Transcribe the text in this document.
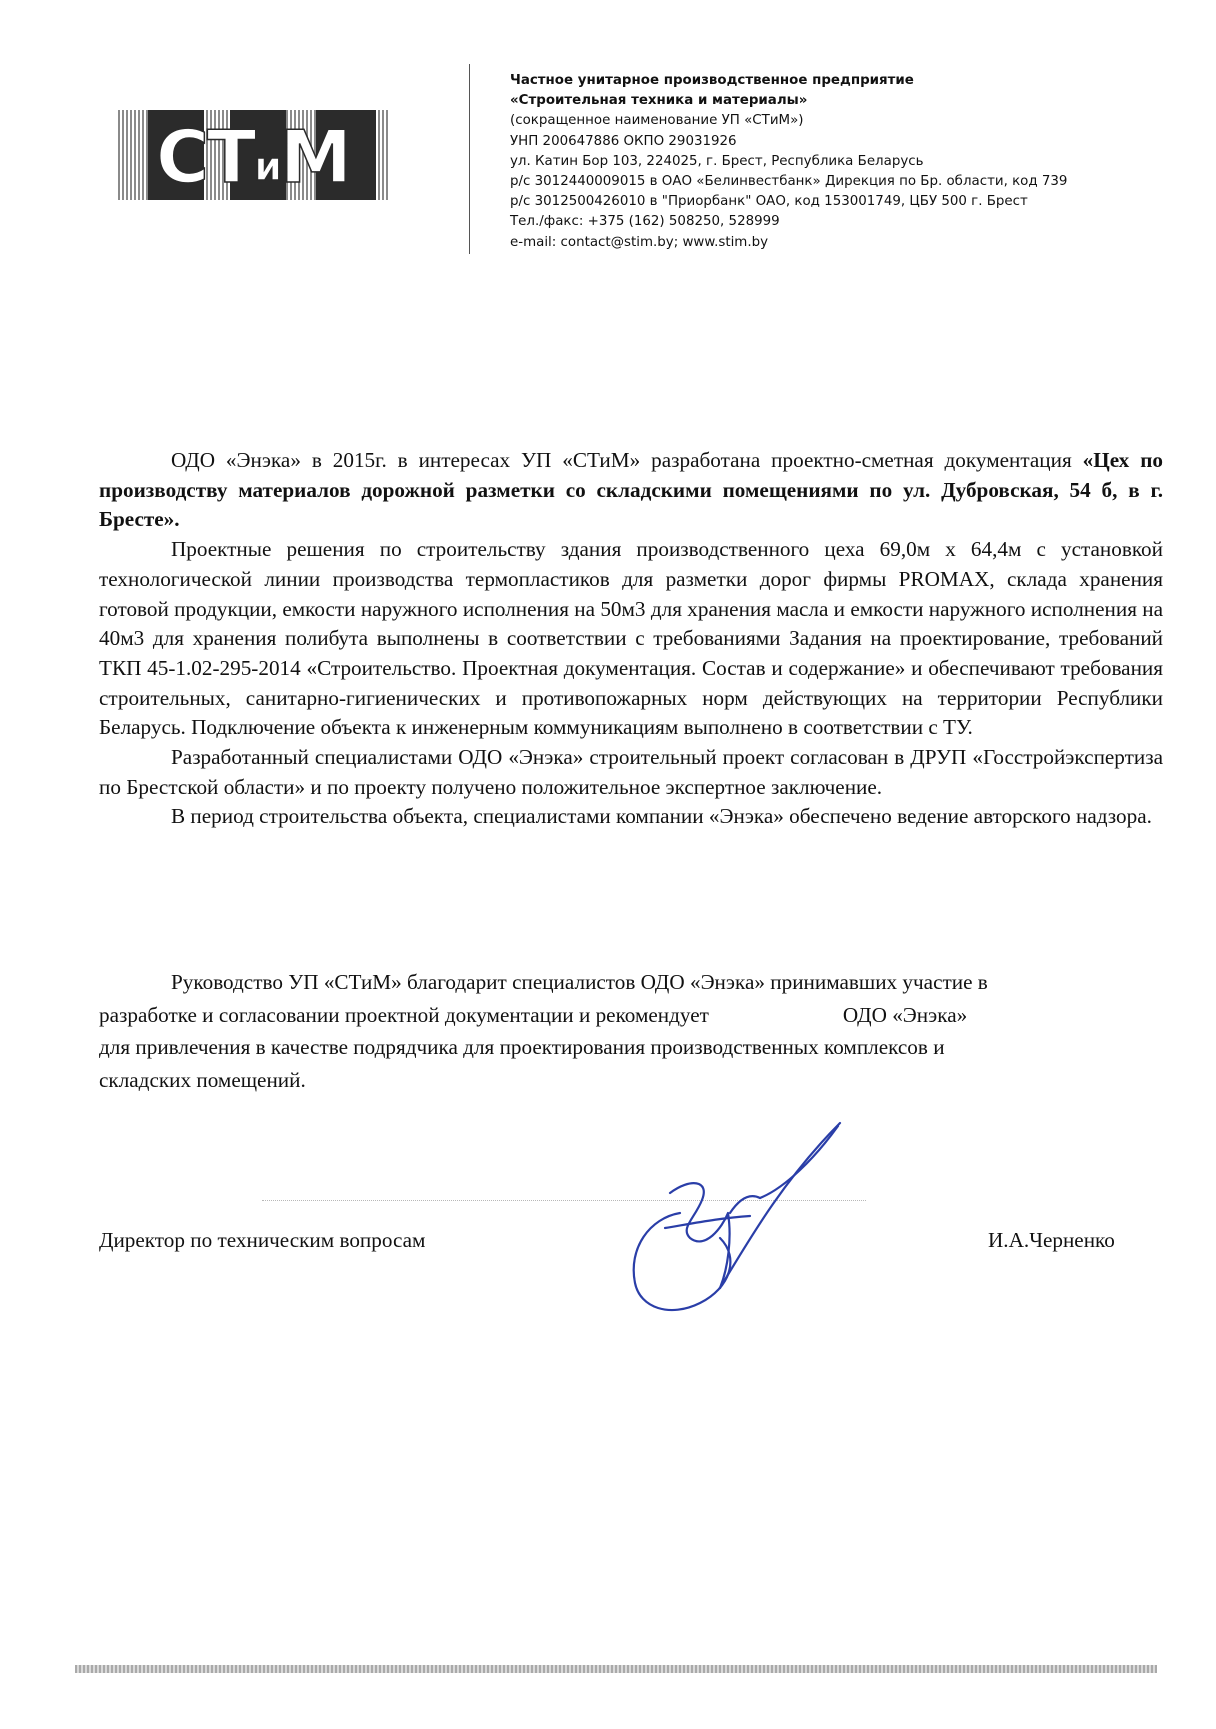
СТиМ
Частное унитарное производственное предприятие
«Строительная техника и материалы»
(сокращенное наименование УП «СТиМ»)
УНП 200647886 ОКПО 29031926
ул. Катин Бор 103, 224025, г. Брест, Республика Беларусь
р/с 3012440009015 в ОАО «Белинвестбанк» Дирекция по Бр. области, код 739
р/с 3012500426010 в "Приорбанк" ОАО, код 153001749, ЦБУ 500 г. Брест
Тел./факс: +375 (162) 508250, 528999
e-mail: contact@stim.by; www.stim.by

ОДО «Энэка» в 2015г. в интересах УП «СТиМ» разработана проектно-сметная документация «Цех по производству материалов дорожной разметки со складскими помещениями по ул. Дубровская, 54 б, в г. Бресте».

Проектные решения по строительству здания производственного цеха 69,0м х 64,4м с установкой технологической линии производства термопластиков для разметки дорог фирмы PROMAX, склада хранения готовой продукции, емкости наружного исполнения на 50м3 для хранения масла и емкости наружного исполнения на 40м3 для хранения полибута выполнены в соответствии с требованиями Задания на проектирование, требований ТКП 45-1.02-295-2014 «Строительство. Проектная документация. Состав и содержание» и обеспечивают требования строительных, санитарно-гигиенических и противопожарных норм действующих на территории Республики Беларусь. Подключение объекта к инженерным коммуникациям выполнено в соответствии с ТУ.

Разработанный специалистами ОДО «Энэка» строительный проект согласован в ДРУП «Госстройэкспертиза по Брестской области» и по проекту получено положительное экспертное заключение.

В период строительства объекта, специалистами компании «Энэка» обеспечено ведение авторского надзора.

Руководство УП «СТиМ» благодарит специалистов ОДО «Энэка» принимавших участие в
разработке и согласовании проектной документации и рекомендует	ОДО «Энэка»
для привлечения в качестве подрядчика для проектирования производственных комплексов и
складских помещений.
Директор по техническим вопросам	И.А.Черненко
